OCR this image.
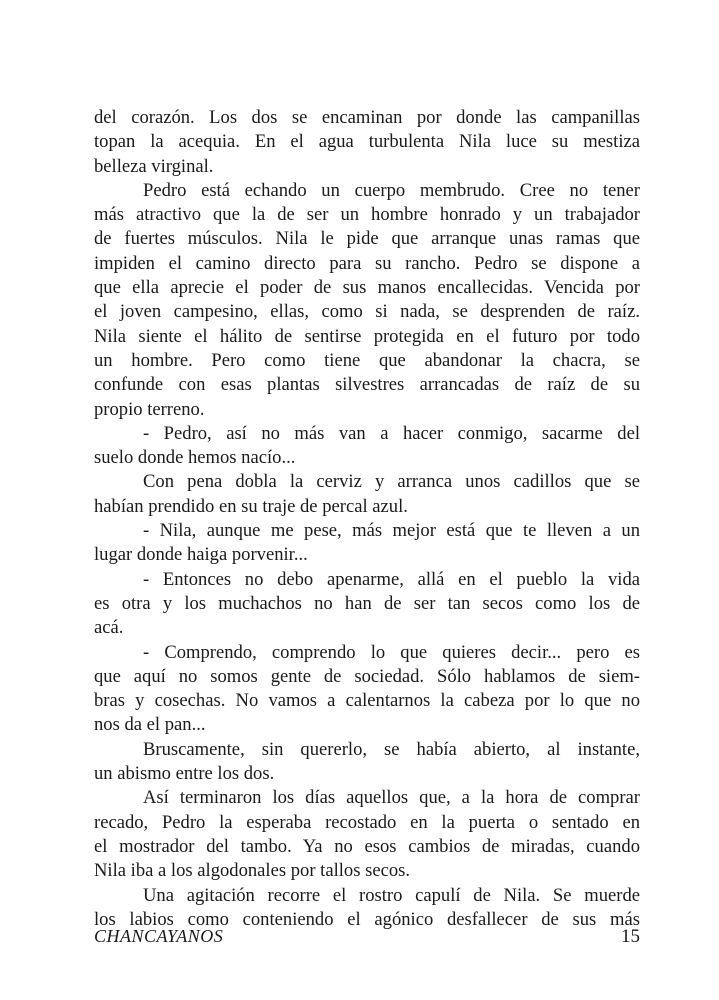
del corazón. Los dos se encaminan por donde las campanillas
topan la acequia. En el agua turbulenta Nila luce su mestiza
belleza virginal.
Pedro está echando un cuerpo membrudo. Cree no tener
más atractivo que la de ser un hombre honrado y un trabajador
de fuertes músculos. Nila le pide que arranque unas ramas que
impiden el camino directo para su rancho. Pedro se dispone a
que ella aprecie el poder de sus manos encallecidas. Vencida por
el joven campesino, ellas, como si nada, se desprenden de raíz.
Nila siente el hálito de sentirse protegida en el futuro por todo
un hombre. Pero como tiene que abandonar la chacra, se
confunde con esas plantas silvestres arrancadas de raíz de su
propio terreno.
- Pedro, así no más van a hacer conmigo, sacarme del
suelo donde hemos nacío...
Con pena dobla la cerviz y arranca unos cadillos que se
habían prendido en su traje de percal azul.
- Nila, aunque me pese, más mejor está que te lleven a un
lugar donde haiga porvenir...
- Entonces no debo apenarme, allá en el pueblo la vida
es otra y los muchachos no han de ser tan secos como los de
acá.
- Comprendo, comprendo lo que quieres decir... pero es
que aquí no somos gente de sociedad. Sólo hablamos de siem-
bras y cosechas. No vamos a calentarnos la cabeza por lo que no
nos da el pan...
Bruscamente, sin quererlo, se había abierto, al instante,
un abismo entre los dos.
Así terminaron los días aquellos que, a la hora de comprar
recado, Pedro la esperaba recostado en la puerta o sentado en
el mostrador del tambo. Ya no esos cambios de miradas, cuando
Nila iba a los algodonales por tallos secos.
Una agitación recorre el rostro capulí de Nila. Se muerde
los labios como conteniendo el agónico desfallecer de sus más
CHANCAYANOS	15
